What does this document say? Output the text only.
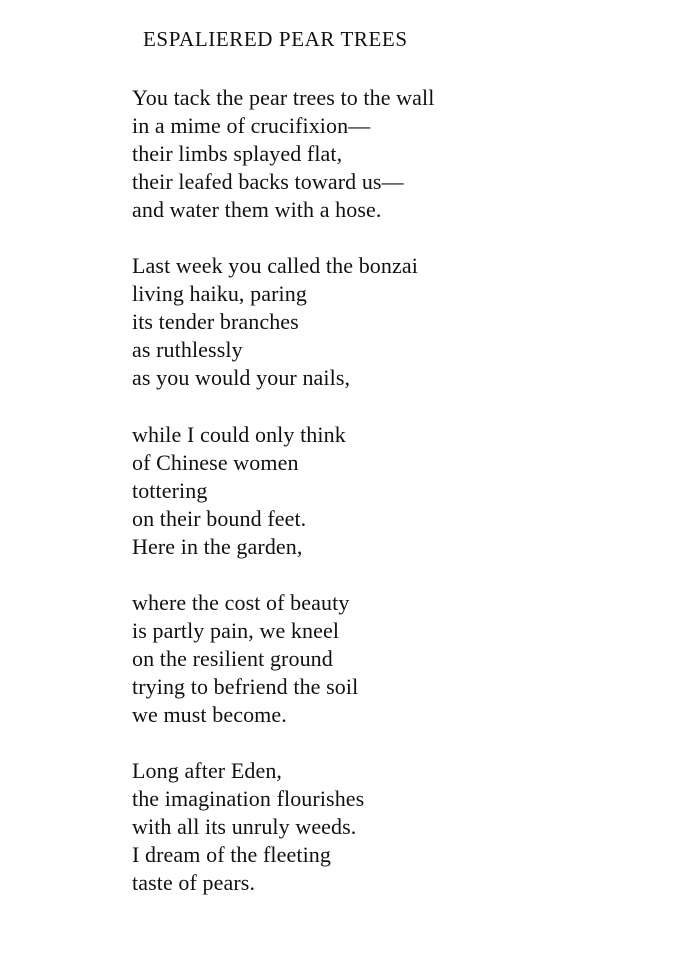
ESPALIERED PEAR TREES
You tack the pear trees to the wall
in a mime of crucifixion—
their limbs splayed flat,
their leafed backs toward us—
and water them with a hose.
Last week you called the bonzai
living haiku, paring
its tender branches
as ruthlessly
as you would your nails,
while I could only think
of Chinese women
tottering
on their bound feet.
Here in the garden,
where the cost of beauty
is partly pain, we kneel
on the resilient ground
trying to befriend the soil
we must become.
Long after Eden,
the imagination flourishes
with all its unruly weeds.
I dream of the fleeting
taste of pears.
